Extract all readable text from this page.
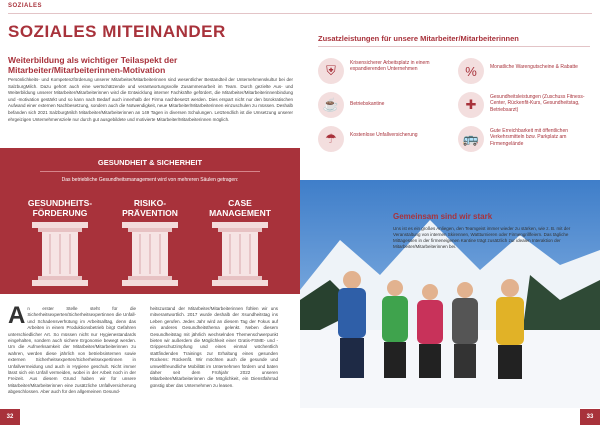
SOZIALES
SOZIALES MITEINANDER
Weiterbildung als wichtiger Teilaspekt der Mitarbeiter/Mitarbeiterinnen-Motivation
Persönlichkeits- und Kompetenzförderung unserer Mitarbeiter/Mitarbeiterinnen sind wesentlicher Bestandteil der Unternehmenskultur bei der SalzburgMilch. Dazu gehört auch eine wertschätzende und verantwortungsvolle Zusammenarbeit im Team. Durch gezielte Aus- und Weiterbildung unserer Mitarbeiter/Mitarbeiterinnen wird die Entwicklung interner Fachkräfte gefördert, die Mitarbeiter/Mitarbeiterinnenbindung und -motivation gestärkt und so kann nach Bedarf auch innerhalb der Firma nachbesetzt werden. Dies erspart nicht nur den bürokratischen Aufwand einer externen Nachbesetzung, sondern auch die Notwendigkeit, neue Mitarbeiter/Mitarbeiterinnen einzuschulen zu müssen. Deshalb befanden sich 2021 SalzburgMilch Mitarbeiter/Mitarbeiterinnen an 149 Tagen in diversen Schulungen. Letztendlich ist die Umsetzung unserer ehrgeizigen Unternehmensziele nur durch gut ausgebildete und motivierte Mitarbeiter/Mitarbeiterinnen möglich.
Zusatzleistungen für unsere Mitarbeiter/Mitarbeiterinnen
⛨	Krisensicherer Arbeitsplatz in einem expandierenden Unternehmen	%	Monatliche Warengutscheine & Rabatte
☕	Betriebskantine	✚	Gesundheitsleistungen (Zuschuss Fitness-Center, Rückenfit-Kurs, Gesundheitstag, Betriebsarzt)
☂	Kostenlose Unfallversicherung	🚌	Gute Erreichbarkeit mit öffentlichen Verkehrsmitteln bzw. Parkplatz am Firmengelände
GESUNDHEIT & SICHERHEIT
Das betriebliche Gesundheitsmanagement wird von mehreren Säulen getragen:
GESUNDHEITS-
FÖRDERUNG
RISIKO-
PRÄVENTION
CASE
MANAGEMENT
An erster Stelle steht für die Sicherheitsexperten/Sicherheitsexpertinnen die Unfall- und Schadensverhütung im Arbeitsalltag, denn das Arbeiten in einem Produktionsbetrieb birgt Gefahren unterschiedlicher Art. So müssen nicht nur Hygienestandards eingehalten, sondern auch sichere Ergonomie bewegt werden. Um die Aufmerksamkeit der Mitarbeiter/Mitarbeiterinnen zu wahren, werden diese jährlich von betriebsinternen sowie externen Sicherheitsexperten/Sicherheitsexpertinnen in Unfallvermeidung und auch in Hygiene geschult. Nicht immer lässt sich ein Unfall vermeiden, wobei in der Arbeit noch in der Freizeit. Aus diesem Grund haben wir für unsere Mitarbeiter/Mitarbeiterinnen eine zusätzliche Unfallversicherung abgeschlossen. Aber auch für den allgemeinen Gesund-
heitszustand der Mitarbeiter/Mitarbeiterinnen fühlen wir uns mitverantwortlich. 2017 wurde deshalb der Xsundheitstag ins Leben gerufen. Jedes Jahr wird an diesem Tag der Fokus auf ein anderes Gesundheitsthema gelenkt. Neben diesem Gesundheitstag mit jährlich wechselnden Themenschwerpunkt bieten wir außerdem die Möglichkeit einer Gratis-FSME- und -Grippeschutzimpfung und eines einmal wöchentlich stattfindenden Trainings zur Erhaltung eines gesunden Rückens: Rückenfit. Wir möchten auch die gesunde und umweltfreundliche Mobilität im Unternehmen fördern und baten daher seit dem Frühjahr 2022 unseren Mitarbeiter/Mitarbeiterinnen die Möglichkeit, ein Dienstfahrrad günstig über das Unternehmen zu leasen.
Gemeinsam sind wir stark
Uns ist es ein großes Anliegen, den Teamgeist immer wieder zu stärken, wie z. B. mit der Veranstaltung von internen Skirennen, Wattturnieren oder Firmengrillfeiern. Das tägliche Mittagessen in der firmeneigenen Kantine trägt zusätzlich zur idealen Interaktion der Mitarbeiter/Mitarbeiterinnen bei.
32	33
